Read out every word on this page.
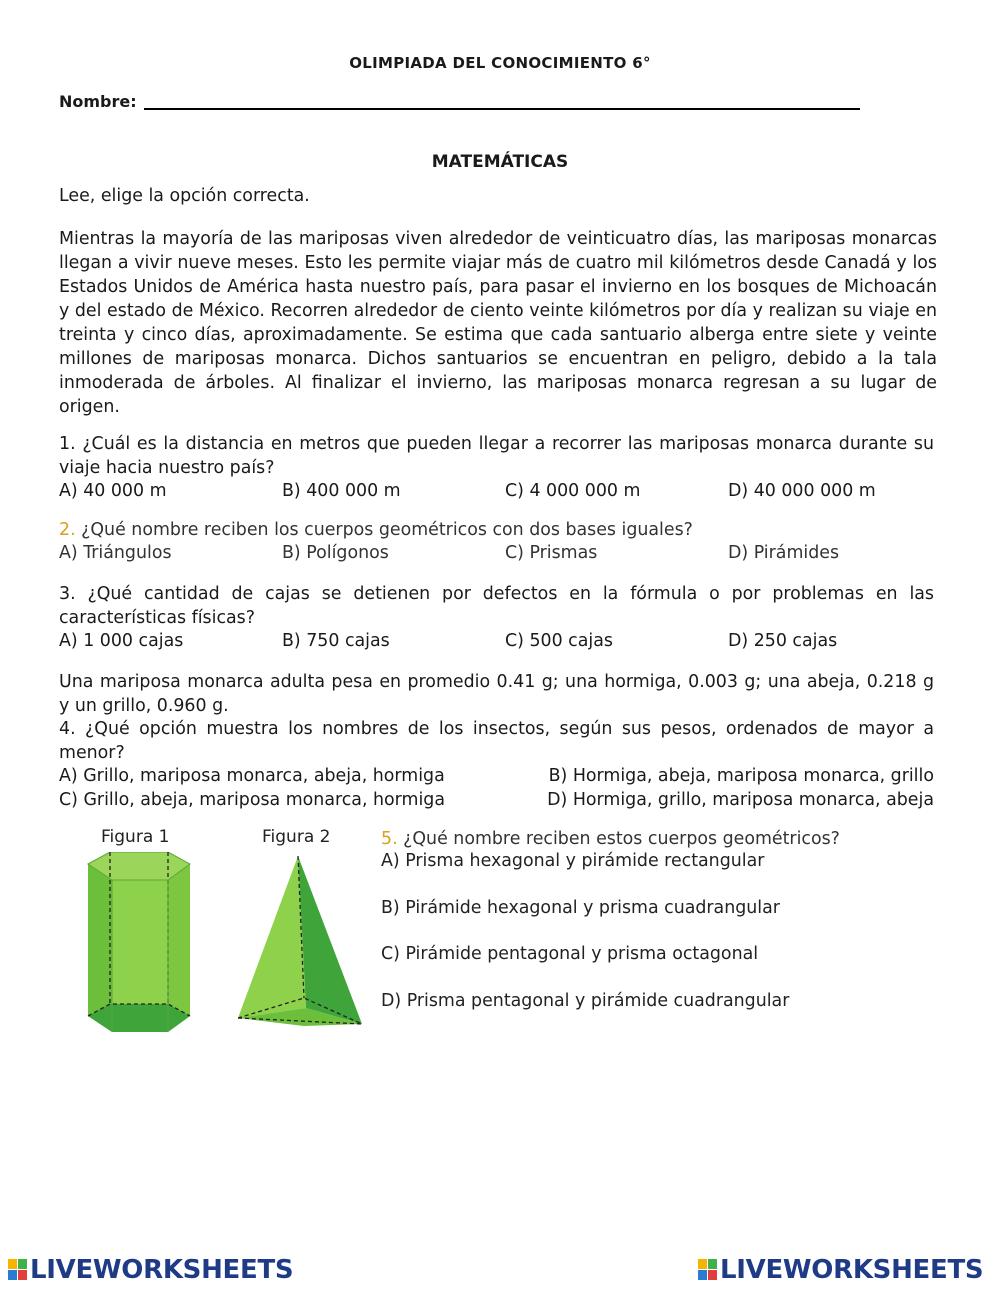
OLIMPIADA DEL CONOCIMIENTO 6°
Nombre:
MATEMÁTICAS
Lee, elige la opción correcta.
Mientras la mayoría de las mariposas viven alrededor de veinticuatro días, las mariposas monarcas llegan a vivir nueve meses. Esto les permite viajar más de cuatro mil kilómetros desde Canadá y los Estados Unidos de América hasta nuestro país, para pasar el invierno en los bosques de Michoacán y del estado de México. Recorren alrededor de ciento veinte kilómetros por día y realizan su viaje en treinta y cinco días, aproximadamente. Se estima que cada santuario alberga entre siete y veinte millones de mariposas monarca. Dichos santuarios se encuentran en peligro, debido a la tala inmoderada de árboles. Al finalizar el invierno, las mariposas monarca regresan a su lugar de origen.
1. ¿Cuál es la distancia en metros que pueden llegar a recorrer las mariposas monarca durante su viaje hacia nuestro país?
A) 40 000 m	B) 400 000 m	C) 4 000 000 m	D) 40 000 000 m
2. ¿Qué nombre reciben los cuerpos geométricos con dos bases iguales?
A) Triángulos	B) Polígonos	C) Prismas	D) Pirámides
3. ¿Qué cantidad de cajas se detienen por defectos en la fórmula o por problemas en las características físicas?
A) 1 000 cajas	B) 750 cajas	C) 500 cajas	D) 250 cajas
Una mariposa monarca adulta pesa en promedio 0.41 g; una hormiga, 0.003 g; una abeja, 0.218 g y un grillo, 0.960 g.
4. ¿Qué opción muestra los nombres de los insectos, según sus pesos, ordenados de mayor a menor?
A) Grillo, mariposa monarca, abeja, hormiga	B) Hormiga, abeja, mariposa monarca, grillo
C) Grillo, abeja, mariposa monarca, hormiga	D) Hormiga, grillo, mariposa monarca, abeja
Figura 1	Figura 2	5. ¿Qué nombre reciben estos cuerpos geométricos?
A) Prisma hexagonal y pirámide rectangular
B) Pirámide hexagonal y prisma cuadrangular
C) Pirámide pentagonal y prisma octagonal
D) Prisma pentagonal y pirámide cuadrangular
LIVEWORKSHEETS	LIVEWORKSHEETS
